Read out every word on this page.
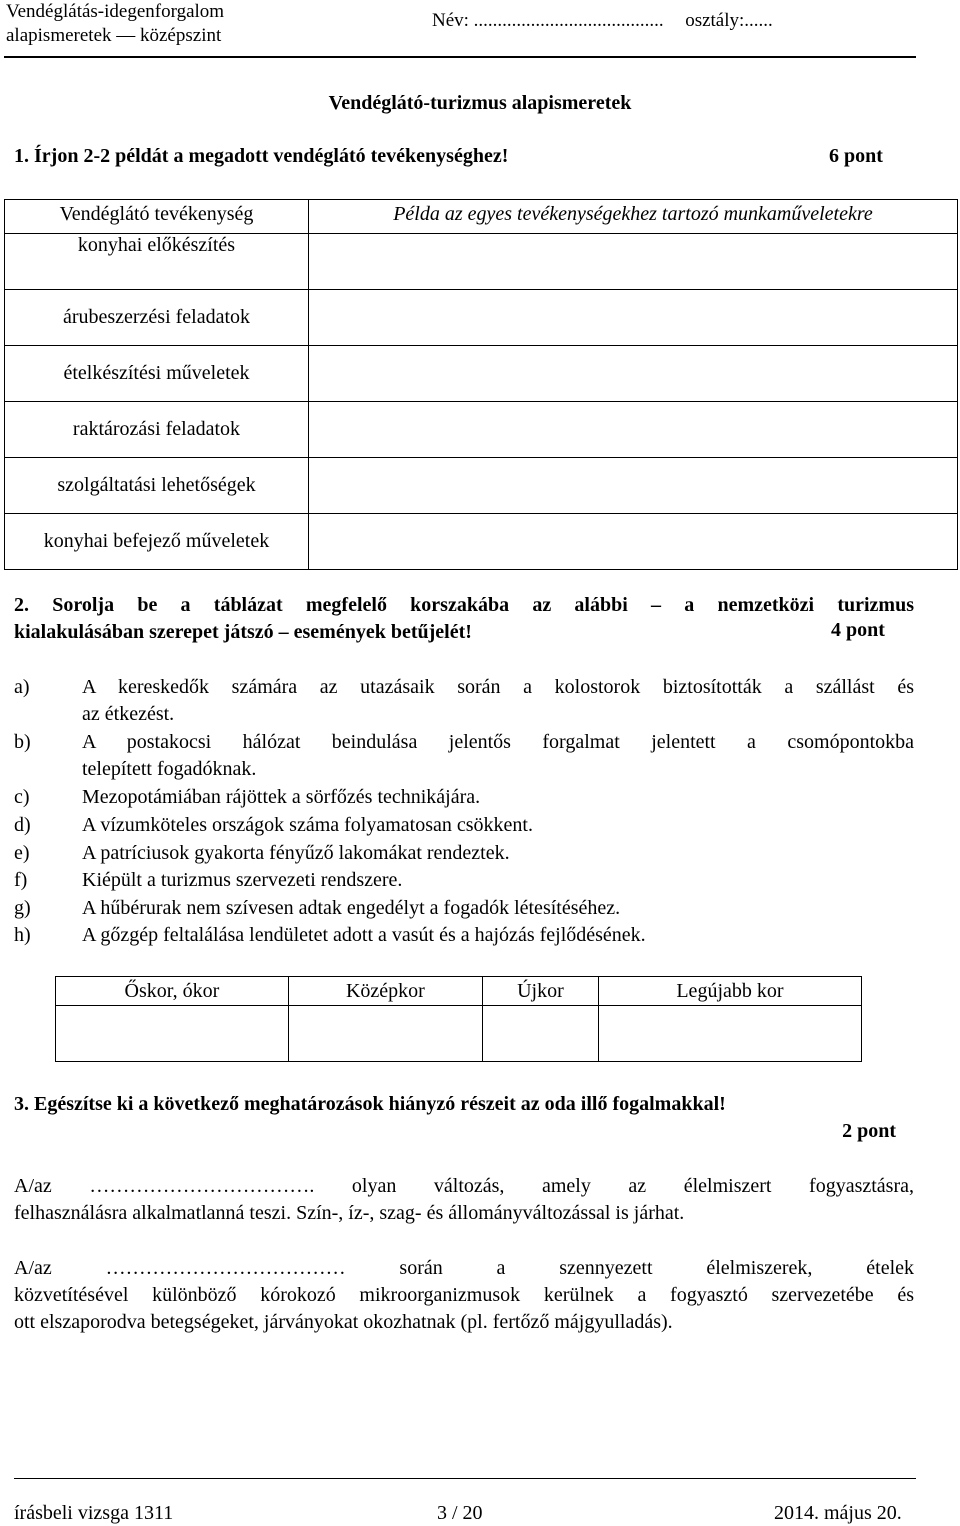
Vendéglátás-idegenforgalom
alapismeretek — középszint
Név: ........................................ osztály:......
Vendéglátó-turizmus alapismeretek
1. Írjon 2-2 példát a megadott vendéglátó tevékenységhez!	6 pont
Vendéglátó tevékenység	Példa az egyes tevékenységekhez tartozó munkaműveletekre
konyhai előkészítés	
árubeszerzési feladatok	
ételkészítési műveletek	
raktározási feladatok	
szolgáltatási lehetőségek	
konyhai befejező műveletek	
2. Sorolja be a táblázat megfelelő korszakába az alábbi – a nemzetközi turizmus
kialakulásában szerepet játszó – események betűjelét!	4 pont
a)	A kereskedők számára az utazásaik során a kolostorok biztosították a szállást és
az étkezést.
b)	A postakocsi hálózat beindulása jelentős forgalmat jelentett a csomópontokba
telepített fogadóknak.
c)	Mezopotámiában rájöttek a sörfőzés technikájára.
d)	A vízumköteles országok száma folyamatosan csökkent.
e)	A patríciusok gyakorta fényűző lakomákat rendeztek.
f)	Kiépült a turizmus szervezeti rendszere.
g)	A hűbérurak nem szívesen adtak engedélyt a fogadók létesítéséhez.
h)	A gőzgép feltalálása lendületet adott a vasút és a hajózás fejlődésének.
Őskor, ókor	Középkor	Újkor	Legújabb kor

3. Egészítse ki a következő meghatározások hiányzó részeit az oda illő fogalmakkal!
2 pont
A/az ……………………………. olyan változás, amely az élelmiszert fogyasztásra,
felhasználásra alkalmatlanná teszi. Szín-, íz-, szag- és állományváltozással is járhat.
A/az ……………………………… során a szennyezett élelmiszerek, ételek
közvetítésével különböző kórokozó mikroorganizmusok kerülnek a fogyasztó szervezetébe és
ott elszaporodva betegségeket, járványokat okozhatnak (pl. fertőző májgyulladás).
írásbeli vizsga 1311	3 / 20	2014. május 20.
